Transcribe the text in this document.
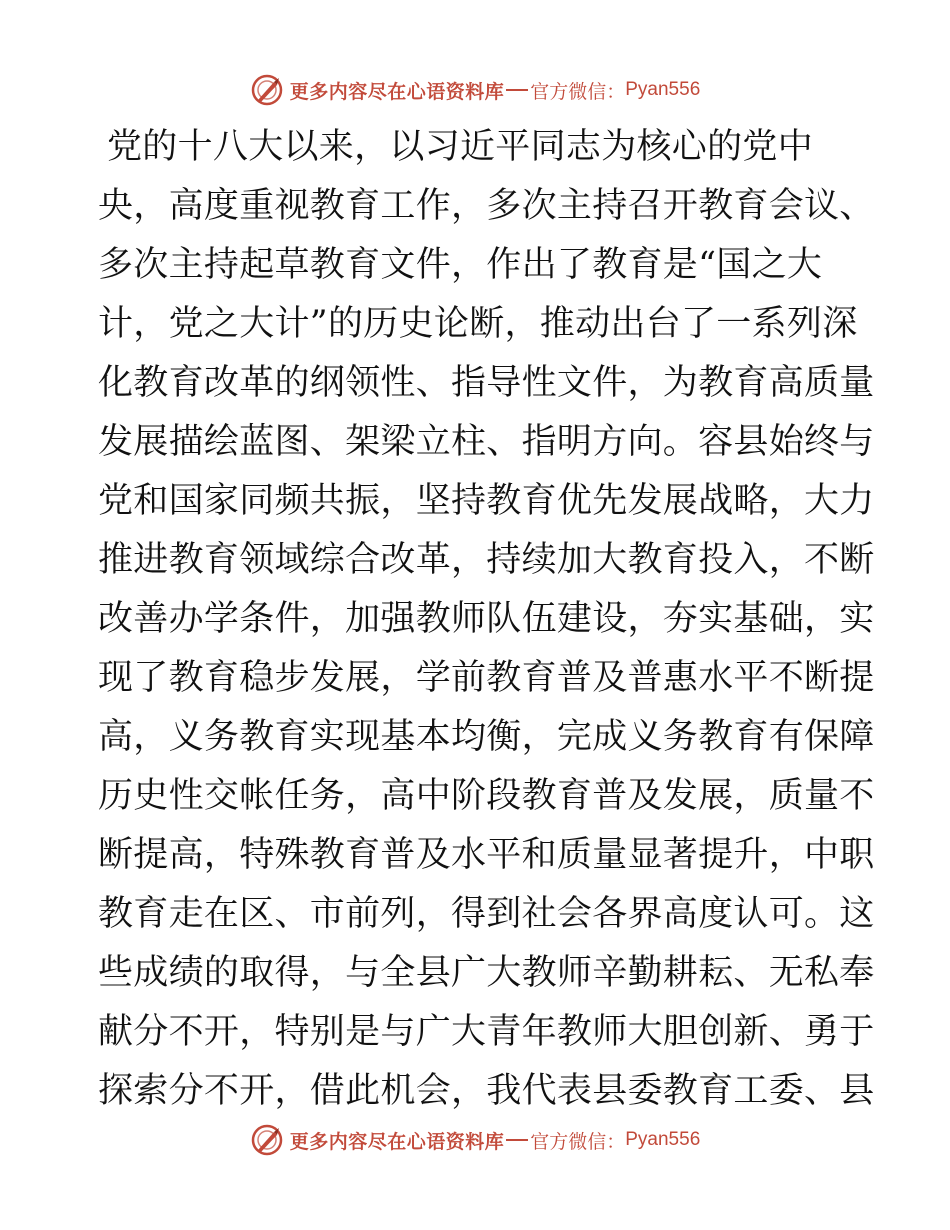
更多内容尽在心语资料库 官方微信： Pyan556
党的十八大以来，以习近平同志为核心的党中
央，高度重视教育工作，多次主持召开教育会议、
多次主持起草教育文件，作出了教育是“国之大
计，党之大计”的历史论断，推动出台了一系列深
化教育改革的纲领性、指导性文件，为教育高质量
发展描绘蓝图、架梁立柱、指明方向。容县始终与
党和国家同频共振，坚持教育优先发展战略，大力
推进教育领域综合改革，持续加大教育投入，不断
改善办学条件，加强教师队伍建设，夯实基础，实
现了教育稳步发展，学前教育普及普惠水平不断提
高，义务教育实现基本均衡，完成义务教育有保障
历史性交帐任务，高中阶段教育普及发展，质量不
断提高，特殊教育普及水平和质量显著提升，中职
教育走在区、市前列，得到社会各界高度认可。这
些成绩的取得，与全县广大教师辛勤耕耘、无私奉
献分不开，特别是与广大青年教师大胆创新、勇于
探索分不开，借此机会，我代表县委教育工委、县
更多内容尽在心语资料库 官方微信： Pyan556
